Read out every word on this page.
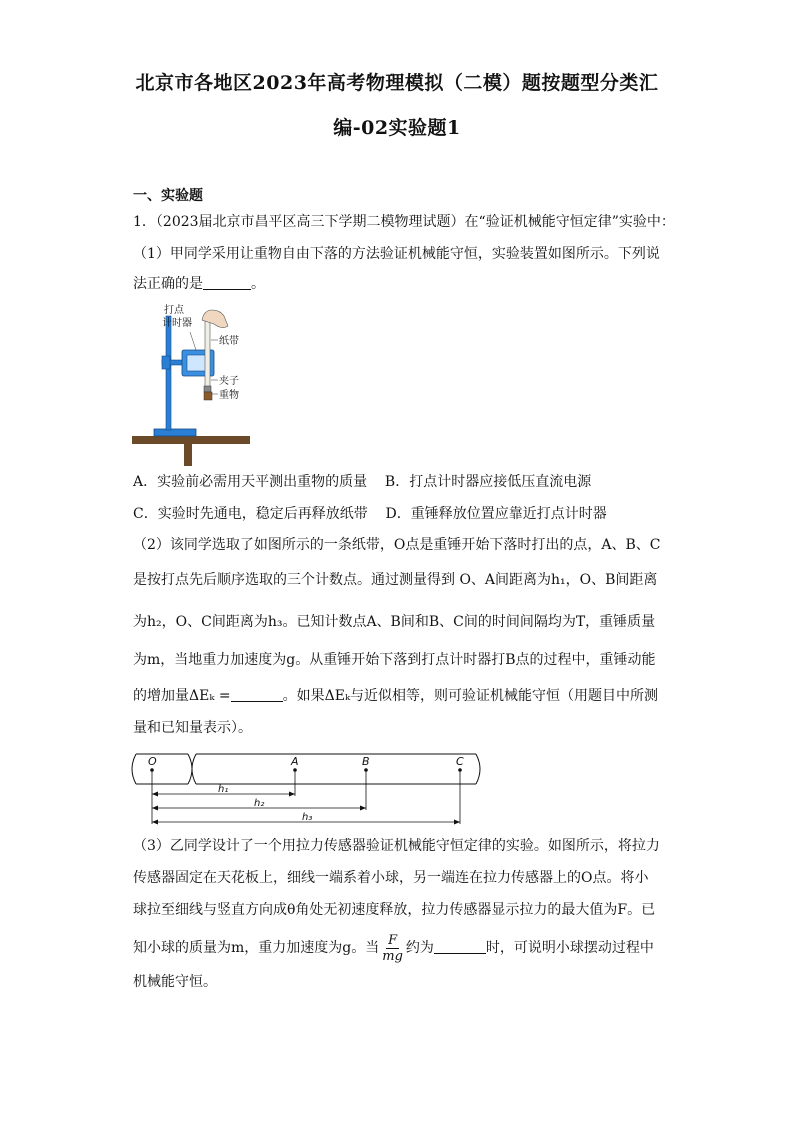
北京市各地区2023年高考物理模拟（二模）题按题型分类汇
编-02实验题1
一、实验题
1．（2023届北京市昌平区高三下学期二模物理试题）在“验证机械能守恒定律”实验中：
（1）甲同学采用让重物自由下落的方法验证机械能守恒，实验装置如图所示。下列说
法正确的是	。
打点
计时器
纸带
夹子
重物
A．实验前必需用天平测出重物的质量 B．打点计时器应接低压直流电源
C．实验时先通电，稳定后再释放纸带 D．重锤释放位置应靠近打点计时器
（2）该同学选取了如图所示的一条纸带，O点是重锤开始下落时打出的点，A、B、C
是按打点先后顺序选取的三个计数点。通过测量得到 O、A间距离为h₁，O、B间距离
为h₂，O、C间距离为h₃。已知计数点A、B间和B、C间的时间间隔均为T，重锤质量
为m，当地重力加速度为g。从重锤开始下落到打点计时器打B点的过程中，重锤动能
的增加量ΔEₖ =	。如果ΔEₖ与近似相等，则可验证机械能守恒（用题目中所测
量和已知量表示）。
O	A	B	C
h₁
h₂
h₃
（3）乙同学设计了一个用拉力传感器验证机械能守恒定律的实验。如图所示，将拉力
传感器固定在天花板上，细线一端系着小球，另一端连在拉力传感器上的O点。将小
球拉至细线与竖直方向成θ角处无初速度释放，拉力传感器显示拉力的最大值为F。已
知小球的质量为m，重力加速度为g。当 $\frac{F}{mg}$ 约为	时，可说明小球摆动过程中
机械能守恒。
